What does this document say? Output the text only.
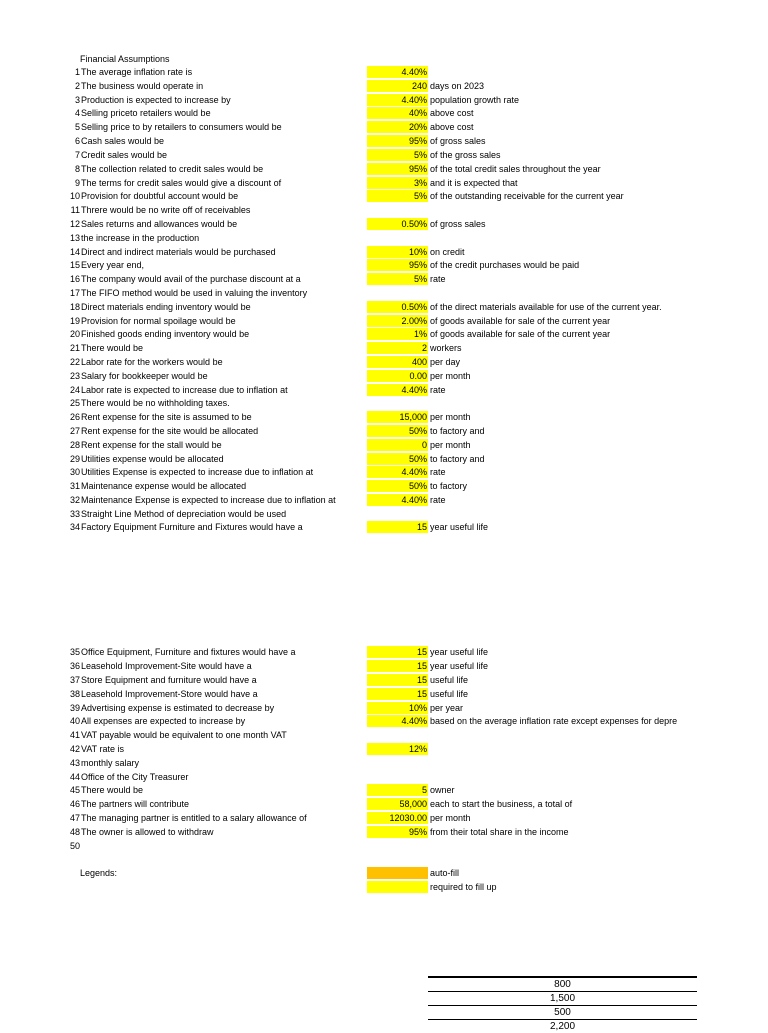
Financial Assumptions
1 The average inflation rate is	4.40%
2 The business would operate in	240 days on 2023
3 Production is expected to increase by	4.40% population growth rate
4 Selling priceto retailers would be	40% above cost
5 Selling price to by retailers to consumers would be	20% above cost
6 Cash sales would be	95% of gross sales
7 Credit sales would be	5% of the gross sales
8 The collection related to credit sales would be	95% of the total credit sales throughout the year
9 The terms for credit sales would give a discount of	3% and it is expected that
10 Provision for doubtful account would be	5% of the outstanding receivable for the current year
11 Threre would be no write off of receivables
12 Sales returns and allowances would be	0.50% of gross sales
13 the increase in the production
14 Direct and indirect materials would be purchased	10% on credit
15 Every year end,	95% of the credit purchases would be paid
16 The company would avail of the purchase discount at a	5% rate
17 The FIFO method would be used in valuing the inventory
18 Direct materials ending inventory would be	0.50% of the direct materials available for use of the current year.
19 Provision for normal spoilage would be	2.00% of goods available for sale of the current year
20 Finished goods ending inventory would be	1% of goods available for sale of the current year
21 There would be	2 workers
22 Labor rate for the workers would be	400 per day
23 Salary for bookkeeper would be	0.00 per month
24 Labor rate is expected to increase due to inflation at	4.40% rate
25 There would be no withholding taxes.
26 Rent expense for the site is assumed to be	15,000 per month
27 Rent expense for the site would be allocated	50% to factory and
28 Rent expense for the stall would be	0 per month
29 Utilities expense would be allocated	50% to factory and
30 Utilities Expense is expected to increase due to inflation at	4.40% rate
31 Maintenance expense would be allocated	50% to factory
32 Maintenance Expense is expected to increase due to inflation at	4.40% rate
33 Straight Line Method of depreciation would be used
34 Factory Equipment Furniture and Fixtures would have a	15 year useful life
35 Office Equipment, Furniture and fixtures would have a	15 year useful life
36 Leasehold Improvement-Site would have a	15 year useful life
37 Store Equipment and furniture would have a	15 useful life
38 Leasehold Improvement-Store would have a	15 useful life
39 Advertising expense is estimated to decrease by	10% per year
40 All expenses are expected to increase by	4.40% based on the average inflation rate except expenses for depre
41 VAT payable would be equivalent to one month VAT
42 VAT rate is	12%
43 monthly salary
44 Office of the City Treasurer
45 There would be	5 owner
46 The partners will contribute	58,000 each to start the business, a total of
47 The managing partner is entitled to a salary allowance of	12030.00 per month
48 The owner is allowed to withdraw	95% from their total share in the income
50
Legends:	auto-fill
required to fill up
800
1,500
500
2,200
